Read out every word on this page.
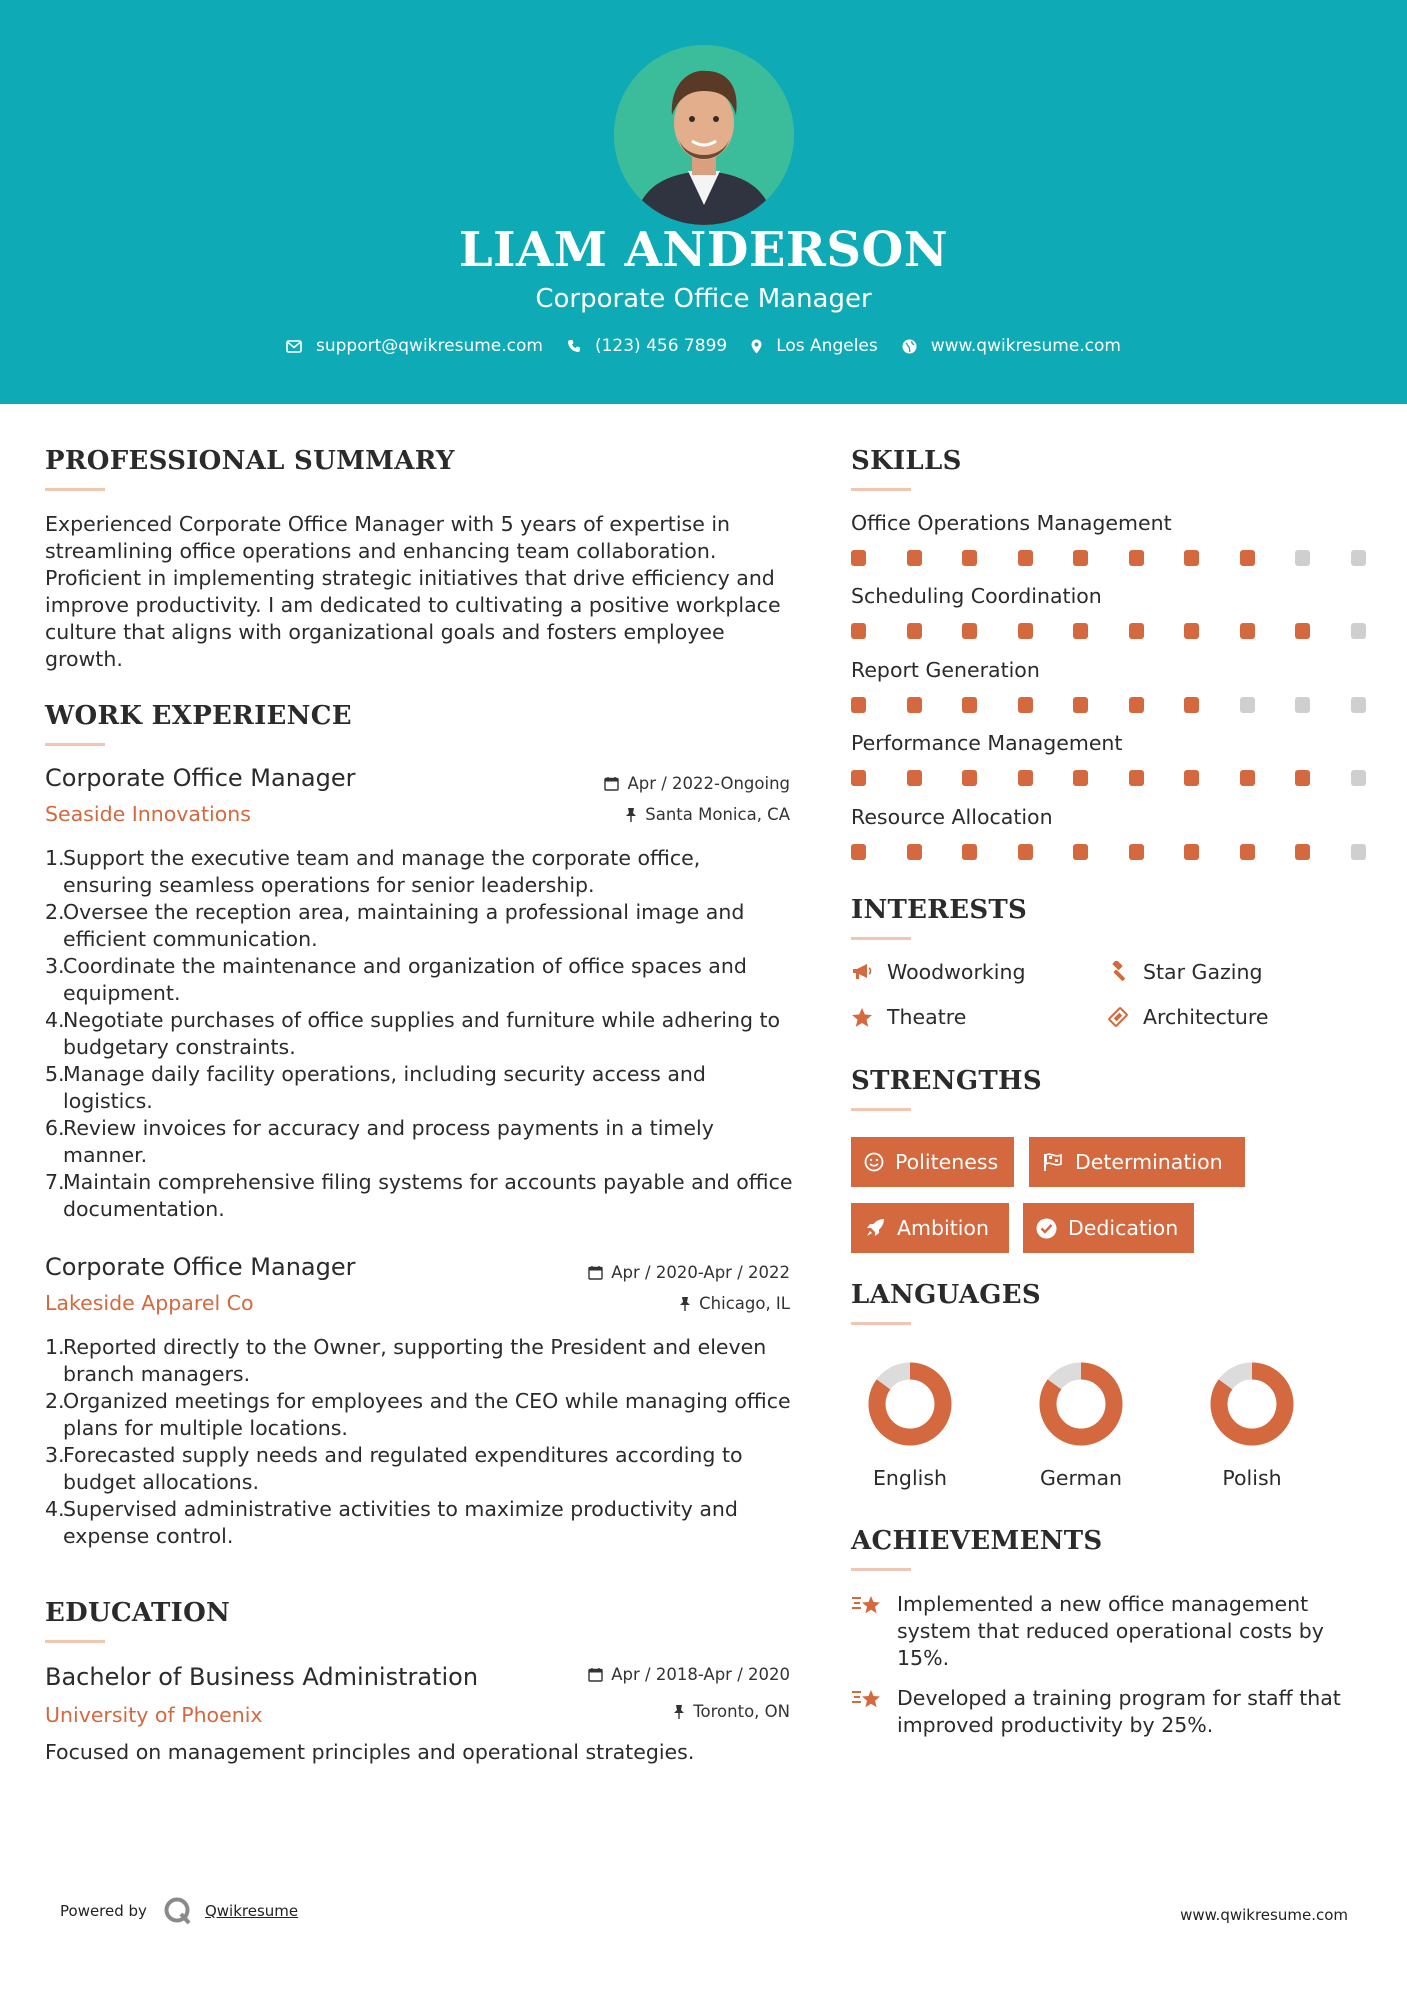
LIAM ANDERSON
Corporate Office Manager
support@qwikresume.com	(123) 456 7899	Los Angeles	www.qwikresume.com
PROFESSIONAL SUMMARY
Experienced Corporate Office Manager with 5 years of expertise in streamlining office operations and enhancing team collaboration. Proficient in implementing strategic initiatives that drive efficiency and improve productivity. I am dedicated to cultivating a positive workplace culture that aligns with organizational goals and fosters employee growth.
WORK EXPERIENCE
Corporate Office Manager
Seaside Innovations
Apr / 2022-Ongoing
Santa Monica, CA
1.
Support the executive team and manage the corporate office, ensuring seamless operations for senior leadership.
2.
Oversee the reception area, maintaining a professional image and efficient communication.
3.
Coordinate the maintenance and organization of office spaces and equipment.
4.
Negotiate purchases of office supplies and furniture while adhering to budgetary constraints.
5.
Manage daily facility operations, including security access and logistics.
6.
Review invoices for accuracy and process payments in a timely manner.
7.
Maintain comprehensive filing systems for accounts payable and office documentation.
Corporate Office Manager
Lakeside Apparel Co
Apr / 2020-Apr / 2022
Chicago, IL
1.
Reported directly to the Owner, supporting the President and eleven branch managers.
2.
Organized meetings for employees and the CEO while managing office plans for multiple locations.
3.
Forecasted supply needs and regulated expenditures according to budget allocations.
4.
Supervised administrative activities to maximize productivity and expense control.
EDUCATION
Bachelor of Business Administration
University of Phoenix
Apr / 2018-Apr / 2020
Toronto, ON
Focused on management principles and operational strategies.
SKILLS
Office Operations Management
Scheduling Coordination
Report Generation
Performance Management
Resource Allocation
INTERESTS
Woodworking	Star Gazing
Theatre	Architecture
STRENGTHS
Politeness	Determination
Ambition	Dedication
LANGUAGES
English	German	Polish
ACHIEVEMENTS
Implemented a new office management system that reduced operational costs by 15%.
Developed a training program for staff that improved productivity by 25%.
Powered by	Qwikresume	www.qwikresume.com
